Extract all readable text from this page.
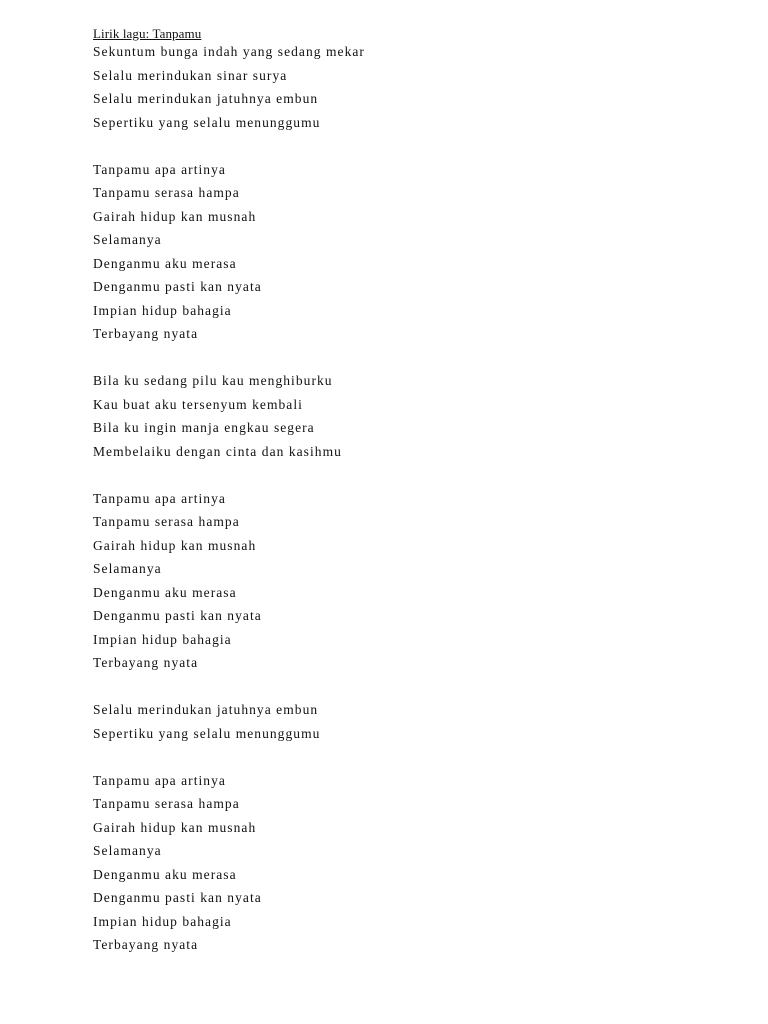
Lirik lagu: Tanpamu
Sekuntum bunga indah yang sedang mekar
Selalu merindukan sinar surya
Selalu merindukan jatuhnya embun
Sepertiku yang selalu menunggumu
Tanpamu apa artinya
Tanpamu serasa hampa
Gairah hidup kan musnah
Selamanya
Denganmu aku merasa
Denganmu pasti kan nyata
Impian hidup bahagia
Terbayang nyata
Bila ku sedang pilu kau menghiburku
Kau buat aku tersenyum kembali
Bila ku ingin manja engkau segera
Membelaiku dengan cinta dan kasihmu
Tanpamu apa artinya
Tanpamu serasa hampa
Gairah hidup kan musnah
Selamanya
Denganmu aku merasa
Denganmu pasti kan nyata
Impian hidup bahagia
Terbayang nyata
Selalu merindukan jatuhnya embun
Sepertiku yang selalu menunggumu
Tanpamu apa artinya
Tanpamu serasa hampa
Gairah hidup kan musnah
Selamanya
Denganmu aku merasa
Denganmu pasti kan nyata
Impian hidup bahagia
Terbayang nyata
